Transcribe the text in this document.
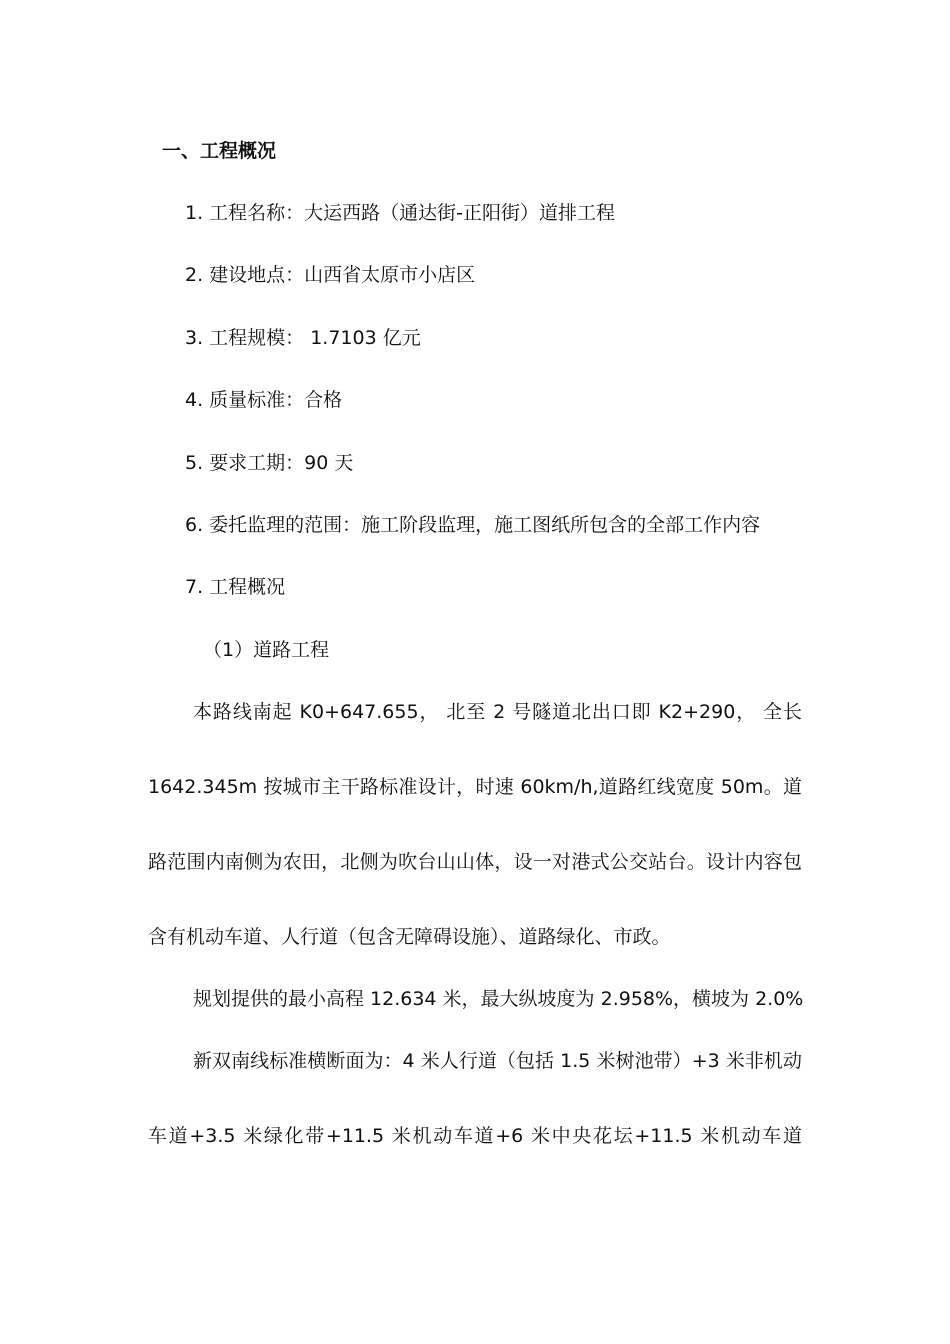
一、工程概况
1. 工程名称：大运西路（通达街-正阳街）道排工程
2. 建设地点：山西省太原市小店区
3. 工程规模： 1.7103 亿元
4. 质量标准：合格
5. 要求工期：90 天
6. 委托监理的范围：施工阶段监理，施工图纸所包含的全部工作内容
7. 工程概况
（1）道路工程
本路线南起 K0+647.655， 北至 2 号隧道北出口即 K2+290， 全长
1642.345m 按城市主干路标准设计，时速 60km/h,道路红线宽度 50m。道
路范围内南侧为农田，北侧为吹台山山体，设一对港式公交站台。设计内容包
含有机动车道、人行道（包含无障碍设施）、道路绿化、市政。
规划提供的最小高程 12.634 米，最大纵坡度为 2.958%，横坡为 2.0%
新双南线标准横断面为：4 米人行道（包括 1.5 米树池带）+3 米非机动
车道+3.5 米绿化带+11.5 米机动车道+6 米中央花坛+11.5 米机动车道
